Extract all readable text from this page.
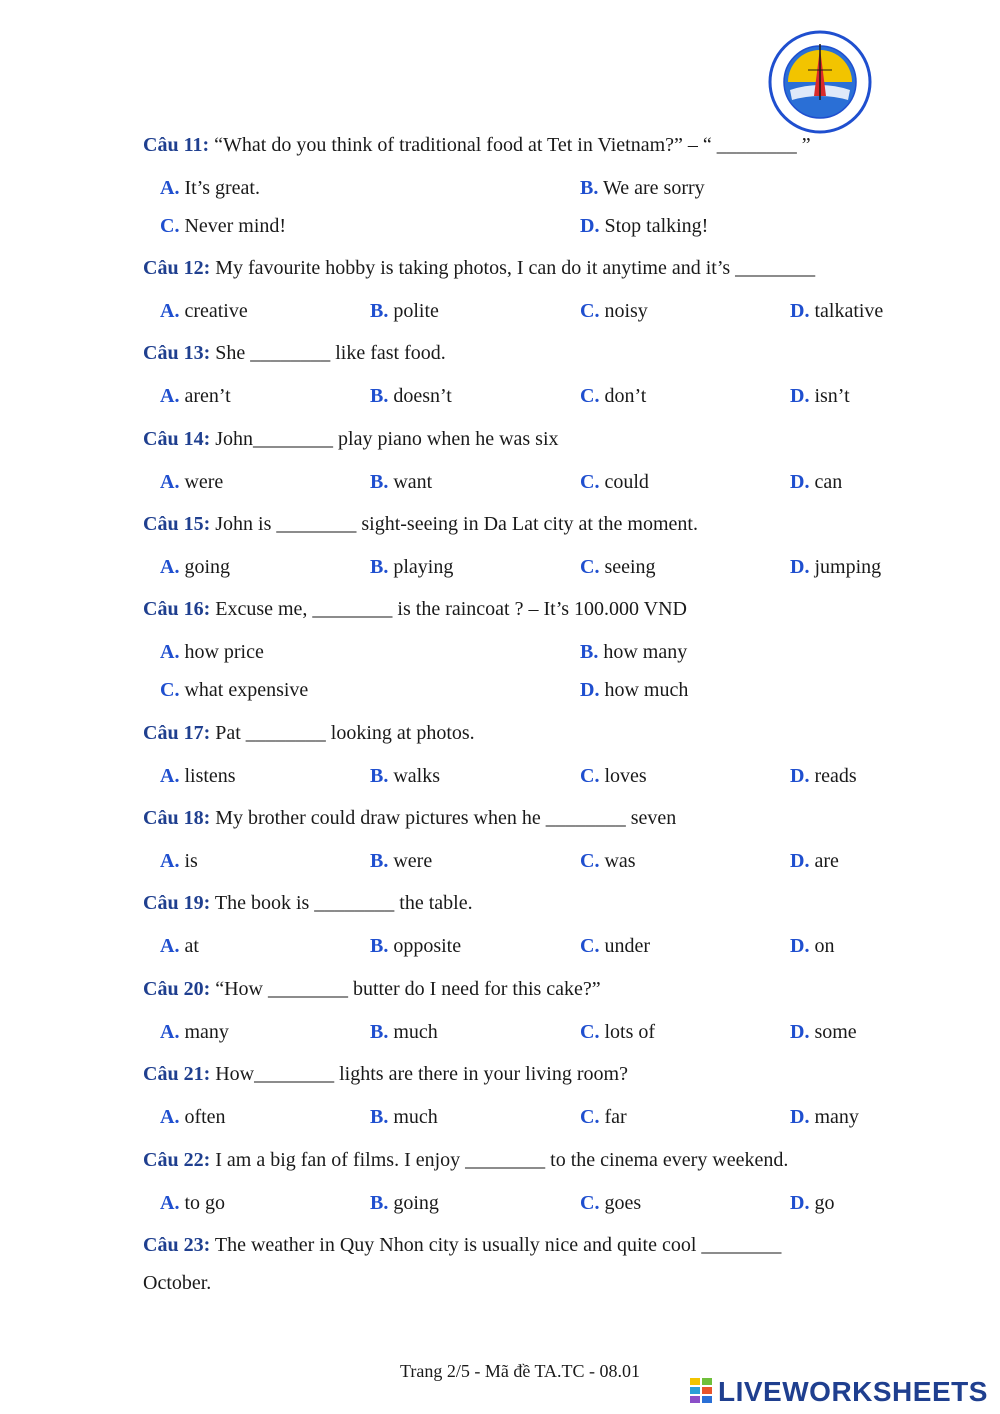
Câu 11: “What do you think of traditional food at Tet in Vietnam?” – “ ________ ”
A. It’s great.	B. We are sorry
C. Never mind!	D. Stop talking!
Câu 12: My favourite hobby is taking photos, I can do it anytime and it’s ________
A. creative	B. polite	C. noisy	D. talkative
Câu 13: She ________ like fast food.
A. aren’t	B. doesn’t	C. don’t	D. isn’t
Câu 14: John________ play piano when he was six
A. were	B. want	C. could	D. can
Câu 15: John is ________ sight-seeing in Da Lat city at the moment.
A. going	B. playing	C. seeing	D. jumping
Câu 16: Excuse me, ________ is the raincoat ? – It’s 100.000 VND
A. how price	B. how many
C. what expensive	D. how much
Câu 17: Pat ________ looking at photos.
A. listens	B. walks	C. loves	D. reads
Câu 18: My brother could draw pictures when he ________ seven
A. is	B. were	C. was	D. are
Câu 19: The book is ________ the table.
A. at	B. opposite	C. under	D. on
Câu 20: “How ________ butter do I need for this cake?”
A. many	B. much	C. lots of	D. some
Câu 21: How________ lights are there in your living room?
A. often	B. much	C. far	D. many
Câu 22: I am a big fan of films. I enjoy ________ to the cinema every weekend.
A. to go	B. going	C. goes	D. go
Câu 23: The weather in Quy Nhon city is usually nice and quite cool ________
October.
Trang 2/5 - Mã đề TA.TC - 08.01
LIVEWORKSHEETS
